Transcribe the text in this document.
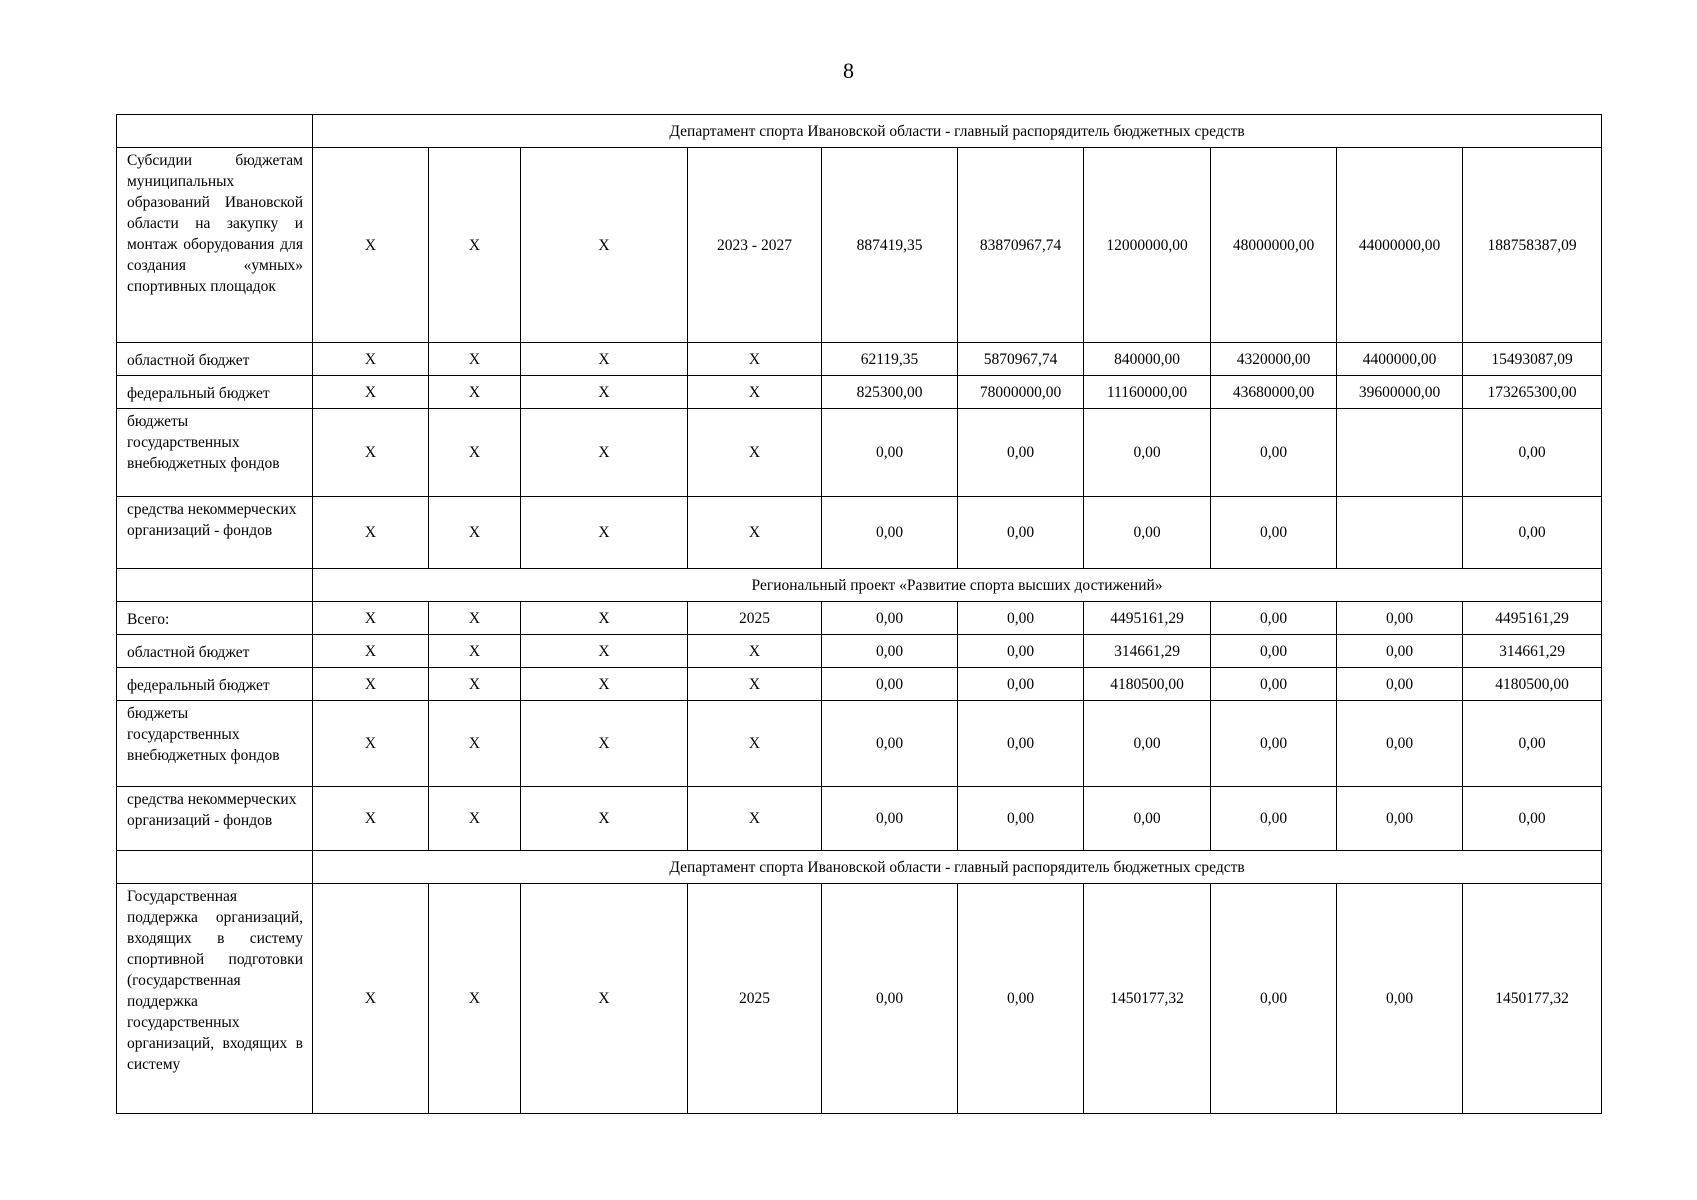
8
	Департамент спорта Ивановской области - главный распорядитель бюджетных средств									
Субсидии бюджетам муниципальных образований Ивановской области на закупку и монтаж оборудования для создания «умных» спортивных площадок	Х	Х	Х	2023 - 2027	887419,35	83870967,74	12000000,00	48000000,00	44000000,00	188758387,09
областной бюджет	Х	Х	Х	Х	62119,35	5870967,74	840000,00	4320000,00	4400000,00	15493087,09
федеральный бюджет	Х	Х	Х	Х	825300,00	78000000,00	11160000,00	43680000,00	39600000,00	173265300,00
бюджеты государственных внебюджетных фондов	Х	Х	Х	Х	0,00	0,00	0,00	0,00		0,00
средства некоммерческих организаций - фондов	Х	Х	Х	Х	0,00	0,00	0,00	0,00		0,00
	Региональный проект «Развитие спорта высших достижений»									
Всего:	Х	Х	Х	2025	0,00	0,00	4495161,29	0,00	0,00	4495161,29
областной бюджет	Х	Х	Х	Х	0,00	0,00	314661,29	0,00	0,00	314661,29
федеральный бюджет	Х	Х	Х	Х	0,00	0,00	4180500,00	0,00	0,00	4180500,00
бюджеты государственных внебюджетных фондов	Х	Х	Х	Х	0,00	0,00	0,00	0,00	0,00	0,00
средства некоммерческих организаций - фондов	Х	Х	Х	Х	0,00	0,00	0,00	0,00	0,00	0,00
	Департамент спорта Ивановской области - главный распорядитель бюджетных средств									
Государственная поддержка организаций, входящих в систему спортивной подготовки (государственная поддержка государственных организаций, входящих в систему	Х	Х	Х	2025	0,00	0,00	1450177,32	0,00	0,00	1450177,32
